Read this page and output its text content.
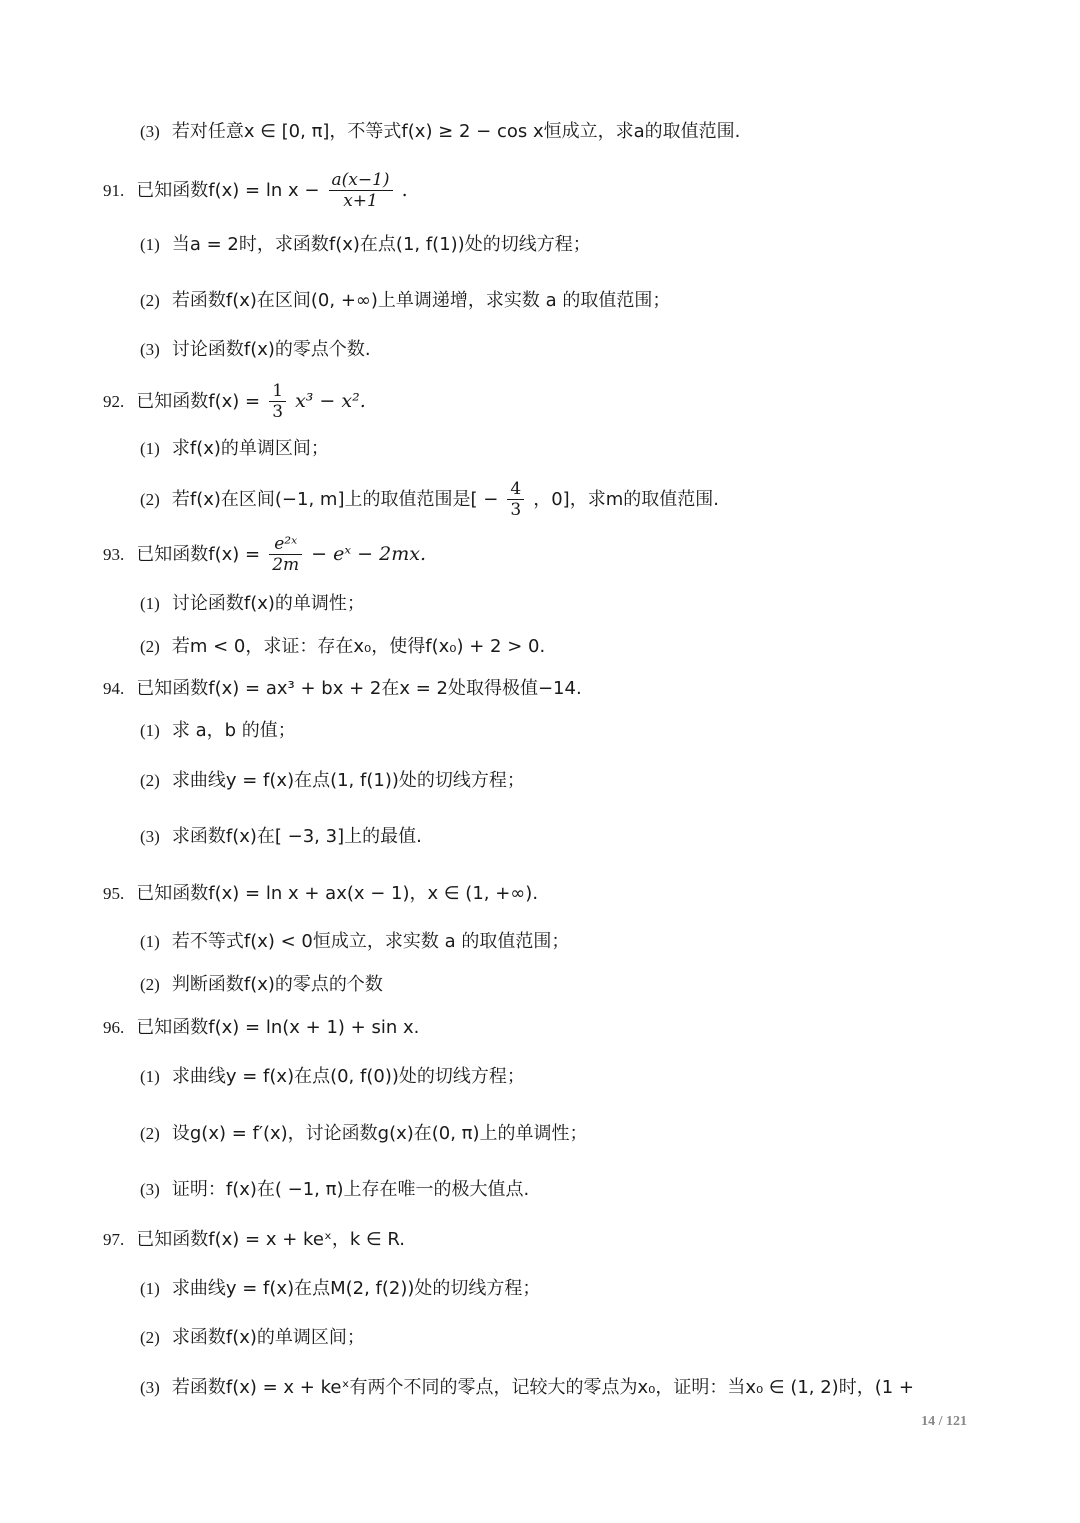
(3) 若对任意x ∈ [0, π]，不等式f(x) ≥ 2 − cos x恒成立，求a的取值范围.
91. 已知函数$f(x) = \ln x - \frac{a(x-1)}{x+1}$ .
(1) 当a = 2时，求函数f(x)在点(1, f(1))处的切线方程；
(2) 若函数f(x)在区间(0, +∞)上单调递增，求实数 a 的取值范围；
(3) 讨论函数f(x)的零点个数.
92. 已知函数$f(x) = \frac{1}{3} x^3 - x^2$.
(1) 求f(x)的单调区间；
(2) 若f(x)在区间(−1, m]上的取值范围是[ − $\frac{4}{3}$ ，0]，求m的取值范围.
93. 已知函数$f(x) = \frac{\text{e²ˣ}}{2m}$ − eˣ − 2mx.
(1) 讨论函数f(x)的单调性；
(2) 若m < 0，求证：存在x₀，使得f(x₀) + 2 > 0.
94. 已知函数f(x) = ax³ + bx + 2在x = 2处取得极值−14.
(1) 求 a，b 的值；
(2) 求曲线y = f(x)在点(1, f(1))处的切线方程；
(3) 求函数f(x)在[ −3, 3]上的最值.
95. 已知函数f(x) = ln x + ax(x − 1)，x ∈ (1, +∞).
(1) 若不等式f(x) < 0恒成立，求实数 a 的取值范围；
(2) 判断函数f(x)的零点的个数
96. 已知函数f(x) = ln(x + 1) + sin x.
(1) 求曲线y = f(x)在点(0, f(0))处的切线方程；
(2) 设g(x) = f′(x)，讨论函数g(x)在(0, π)上的单调性；
(3) 证明：f(x)在( −1, π)上存在唯一的极大值点.
97. 已知函数f(x) = x + keˣ，k ∈ R.
(1) 求曲线y = f(x)在点M(2, f(2))处的切线方程；
(2) 求函数f(x)的单调区间；
(3) 若函数f(x) = x + keˣ有两个不同的零点，记较大的零点为x₀，证明：当x₀ ∈ (1, 2)时，(1 +
14 / 121
